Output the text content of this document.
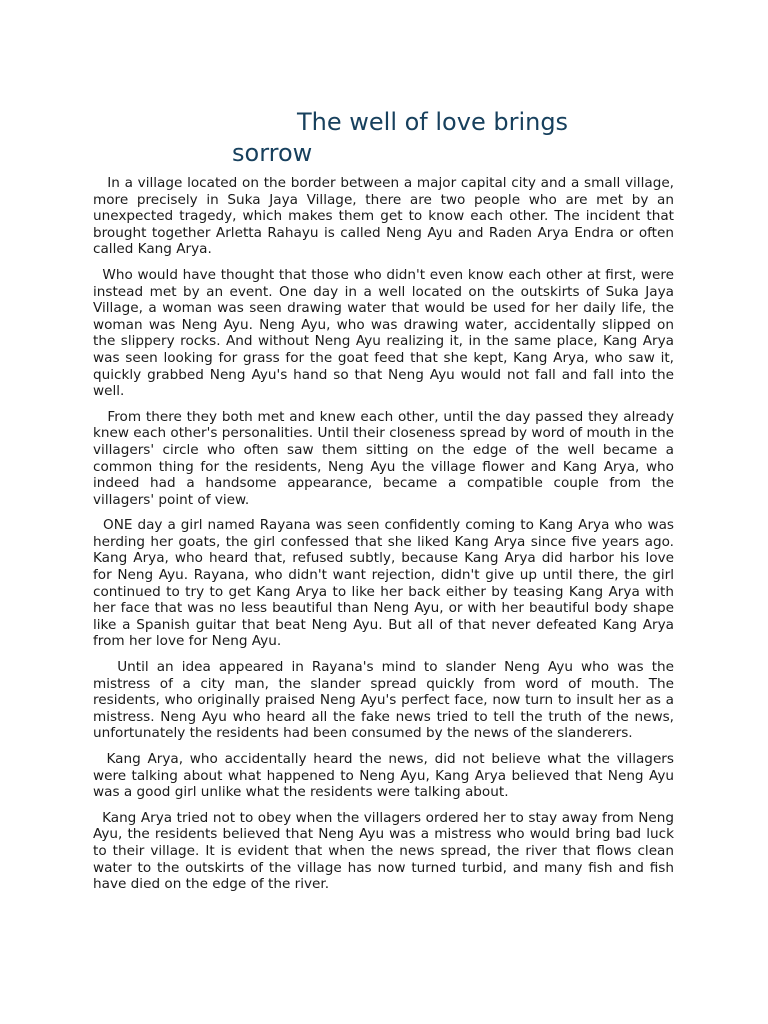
The well of love brings sorrow

In a village located on the border between a major capital city and a small village, more precisely in Suka Jaya Village, there are two people who are met by an unexpected tragedy, which makes them get to know each other. The incident that brought together Arletta Rahayu is called Neng Ayu and Raden Arya Endra or often called Kang Arya.

Who would have thought that those who didn't even know each other at first, were instead met by an event. One day in a well located on the outskirts of Suka Jaya Village, a woman was seen drawing water that would be used for her daily life, the woman was Neng Ayu. Neng Ayu, who was drawing water, accidentally slipped on the slippery rocks. And without Neng Ayu realizing it, in the same place, Kang Arya was seen looking for grass for the goat feed that she kept, Kang Arya, who saw it, quickly grabbed Neng Ayu's hand so that Neng Ayu would not fall and fall into the well.

From there they both met and knew each other, until the day passed they already knew each other's personalities. Until their closeness spread by word of mouth in the villagers' circle who often saw them sitting on the edge of the well became a common thing for the residents, Neng Ayu the village flower and Kang Arya, who indeed had a handsome appearance, became a compatible couple from the villagers' point of view.

ONE day a girl named Rayana was seen confidently coming to Kang Arya who was herding her goats, the girl confessed that she liked Kang Arya since five years ago. Kang Arya, who heard that, refused subtly, because Kang Arya did harbor his love for Neng Ayu. Rayana, who didn't want rejection, didn't give up until there, the girl continued to try to get Kang Arya to like her back either by teasing Kang Arya with her face that was no less beautiful than Neng Ayu, or with her beautiful body shape like a Spanish guitar that beat Neng Ayu. But all of that never defeated Kang Arya from her love for Neng Ayu.

Until an idea appeared in Rayana's mind to slander Neng Ayu who was the mistress of a city man, the slander spread quickly from word of mouth. The residents, who originally praised Neng Ayu's perfect face, now turn to insult her as a mistress. Neng Ayu who heard all the fake news tried to tell the truth of the news, unfortunately the residents had been consumed by the news of the slanderers.

Kang Arya, who accidentally heard the news, did not believe what the villagers were talking about what happened to Neng Ayu, Kang Arya believed that Neng Ayu was a good girl unlike what the residents were talking about.

Kang Arya tried not to obey when the villagers ordered her to stay away from Neng Ayu, the residents believed that Neng Ayu was a mistress who would bring bad luck to their village. It is evident that when the news spread, the river that flows clean water to the outskirts of the village has now turned turbid, and many fish and fish have died on the edge of the river.
